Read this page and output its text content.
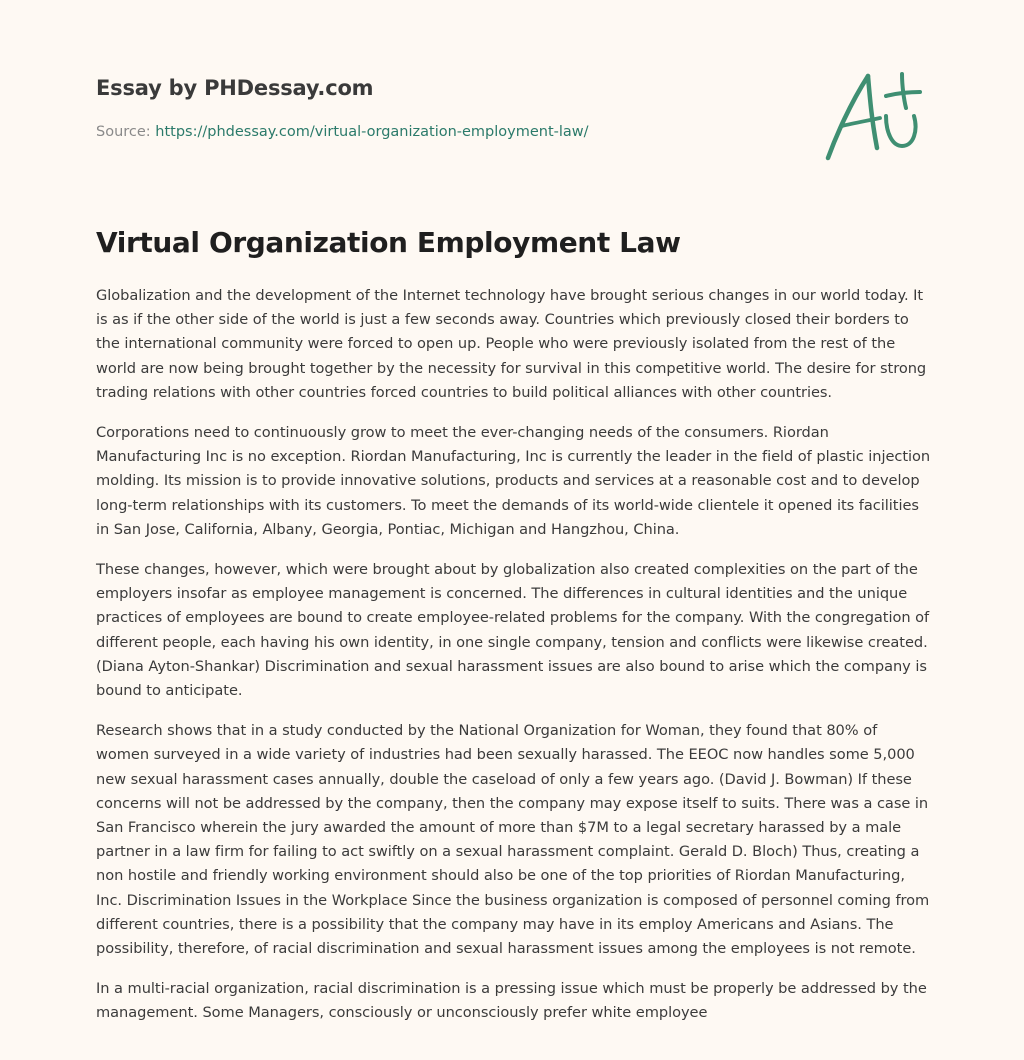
Essay by PHDessay.com
Source: https://phdessay.com/virtual-organization-employment-law/
Virtual Organization Employment Law

Globalization and the development of the Internet technology have brought serious changes in our world today. It is as if the other side of the world is just a few seconds away. Countries which previously closed their borders to the international community were forced to open up. People who were previously isolated from the rest of the world are now being brought together by the necessity for survival in this competitive world. The desire for strong trading relations with other countries forced countries to build political alliances with other countries.

Corporations need to continuously grow to meet the ever-changing needs of the consumers. Riordan Manufacturing Inc is no exception. Riordan Manufacturing, Inc is currently the leader in the field of plastic injection molding. Its mission is to provide innovative solutions, products and services at a reasonable cost and to develop long-term relationships with its customers. To meet the demands of its world-wide clientele it opened its facilities in San Jose, California, Albany, Georgia, Pontiac, Michigan and Hangzhou, China.

These changes, however, which were brought about by globalization also created complexities on the part of the employers insofar as employee management is concerned. The differences in cultural identities and the unique practices of employees are bound to create employee-related problems for the company. With the congregation of different people, each having his own identity, in one single company, tension and conflicts were likewise created. (Diana Ayton-Shankar) Discrimination and sexual harassment issues are also bound to arise which the company is bound to anticipate.

Research shows that in a study conducted by the National Organization for Woman, they found that 80% of women surveyed in a wide variety of industries had been sexually harassed. The EEOC now handles some 5,000 new sexual harassment cases annually, double the caseload of only a few years ago. (David J. Bowman) If these concerns will not be addressed by the company, then the company may expose itself to suits. There was a case in San Francisco wherein the jury awarded the amount of more than $7M to a legal secretary harassed by a male partner in a law firm for failing to act swiftly on a sexual harassment complaint. Gerald D. Bloch) Thus, creating a non hostile and friendly working environment should also be one of the top priorities of Riordan Manufacturing, Inc. Discrimination Issues in the Workplace Since the business organization is composed of personnel coming from different countries, there is a possibility that the company may have in its employ Americans and Asians. The possibility, therefore, of racial discrimination and sexual harassment issues among the employees is not remote.

In a multi-racial organization, racial discrimination is a pressing issue which must be properly be addressed by the management. Some Managers, consciously or unconsciously prefer white employee
